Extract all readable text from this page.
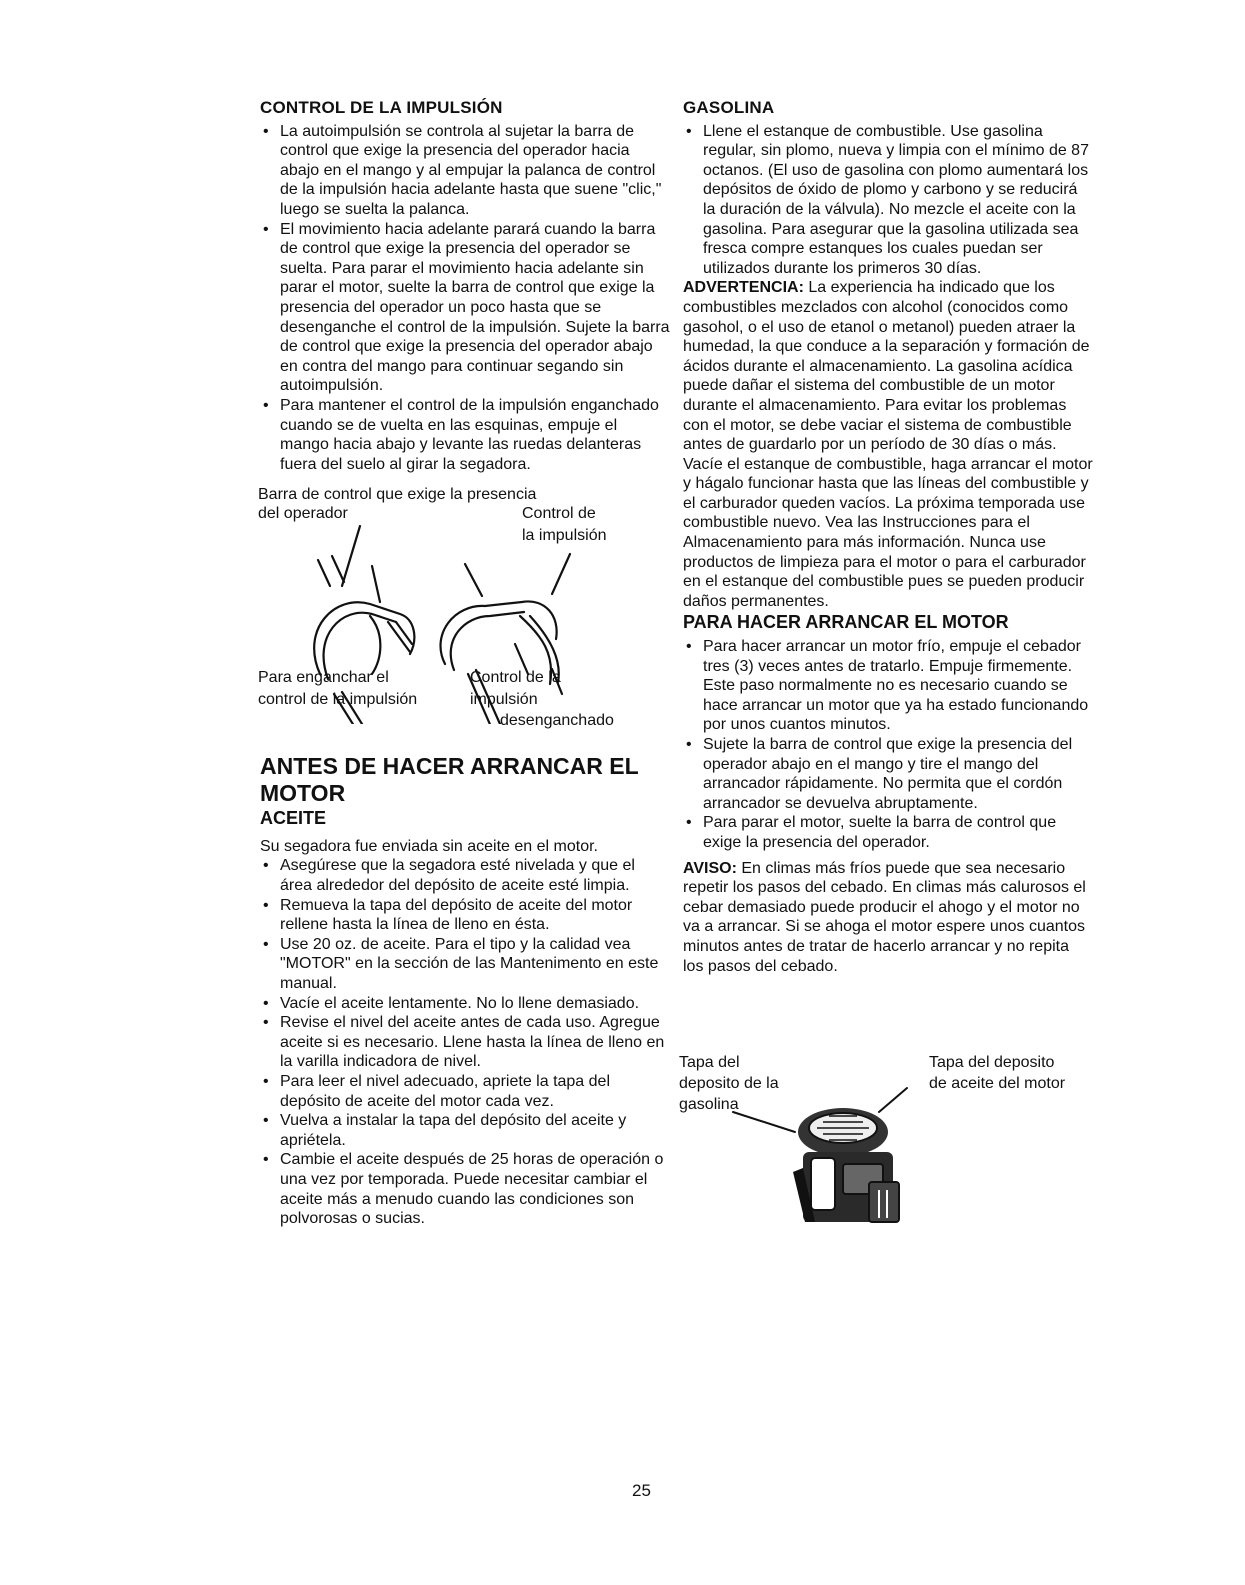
CONTROL DE LA IMPULSIÓN
• La autoimpulsión se controla al sujetar la barra de control que exige la presencia del operador hacia abajo en el mango y al empujar la palanca de control de la impulsión hacia adelante hasta que suene "clic," luego se suelta la palanca.
• El movimiento hacia adelante parará cuando la barra de control que exige la presencia del operador se suelta. Para parar el movimiento hacia adelante sin parar el motor, suelte la barra de control que exige la presencia del operador un poco hasta que se desenganche el control de la impulsión. Sujete la barra de control que exige la presencia del operador abajo en contra del mango para continuar segando sin autoimpulsión.
• Para mantener el control de la impulsión enganchado cuando se de vuelta en las esquinas, empuje el mango hacia abajo y levante las ruedas delanteras fuera del suelo al girar la segadora.
Barra de control que exige la presencia
del operador	Control de
la impulsión
Para enganchar el
control de la impulsión
Control de la
impulsión
desenganchado
ANTES DE HACER ARRANCAR EL MOTOR
ACEITE

Su segadora fue enviada sin aceite en el motor.

• Asegúrese que la segadora esté nivelada y que el área alrededor del depósito de aceite esté limpia.
• Remueva la tapa del depósito de aceite del motor rellene hasta la línea de lleno en ésta.
• Use 20 oz. de aceite. Para el tipo y la calidad vea "MOTOR" en la sección de las Mantenimento en este manual.
• Vacíe el aceite lentamente. No lo llene demasiado.
• Revise el nivel del aceite antes de cada uso. Agregue aceite si es necesario. Llene hasta la línea de lleno en la varilla indicadora de nivel.
• Para leer el nivel adecuado, apriete la tapa del depósito de aceite del motor cada vez.
• Vuelva a instalar la tapa del depósito del aceite y apriétela.
• Cambie el aceite después de 25 horas de operación o una vez por temporada. Puede necesitar cambiar el aceite más a menudo cuando las condiciones son polvorosas o sucias.
GASOLINA
• Llene el estanque de combustible. Use gasolina regular, sin plomo, nueva y limpia con el mínimo de 87 octanos. (El uso de gasolina con plomo aumentará los depósitos de óxido de plomo y carbono y se reducirá la duración de la válvula). No mezcle el aceite con la gasolina. Para asegurar que la gasolina utilizada sea fresca compre estanques los cuales puedan ser utilizados durante los primeros 30 días.

ADVERTENCIA: La experiencia ha indicado que los combustibles mezclados con alcohol (conocidos como gasohol, o el uso de etanol o metanol) pueden atraer la humedad, la que conduce a la separación y formación de ácidos durante el almacenamiento. La gasolina acídica puede dañar el sistema del combustible de un motor durante el almacenamiento. Para evitar los problemas con el motor, se debe vaciar el sistema de combustible antes de guardarlo por un período de 30 días o más. Vacíe el estanque de combustible, haga arrancar el motor y hágalo funcionar hasta que las líneas del combustible y el carburador queden vacíos. La próxima temporada use combustible nuevo. Vea las Instrucciones para el Almacenamiento para más información. Nunca use productos de limpieza para el motor o para el carburador en el estanque del combustible pues se pueden producir daños permanentes.

PARA HACER ARRANCAR EL MOTOR
• Para hacer arrancar un motor frío, empuje el cebador tres (3) veces antes de tratarlo. Empuje firmemente. Este paso normalmente no es necesario cuando se hace arrancar un motor que ya ha estado funcionando por unos cuantos minutos.
• Sujete la barra de control que exige la presencia del operador abajo en el mango y tire el mango del arrancador rápidamente. No permita que el cordón arrancador se devuelva abruptamente.
• Para parar el motor, suelte la barra de control que exige la presencia del operador.

AVISO: En climas más fríos puede que sea necesario repetir los pasos del cebado. En climas más calurosos el cebar demasiado puede producir el ahogo y el motor no va a arrancar. Si se ahoga el motor espere unos cuantos minutos antes de tratar de hacerlo arrancar y no repita los pasos del cebado.

Tapa del
deposito de la
gasolina
Tapa del deposito
de aceite del motor
25
